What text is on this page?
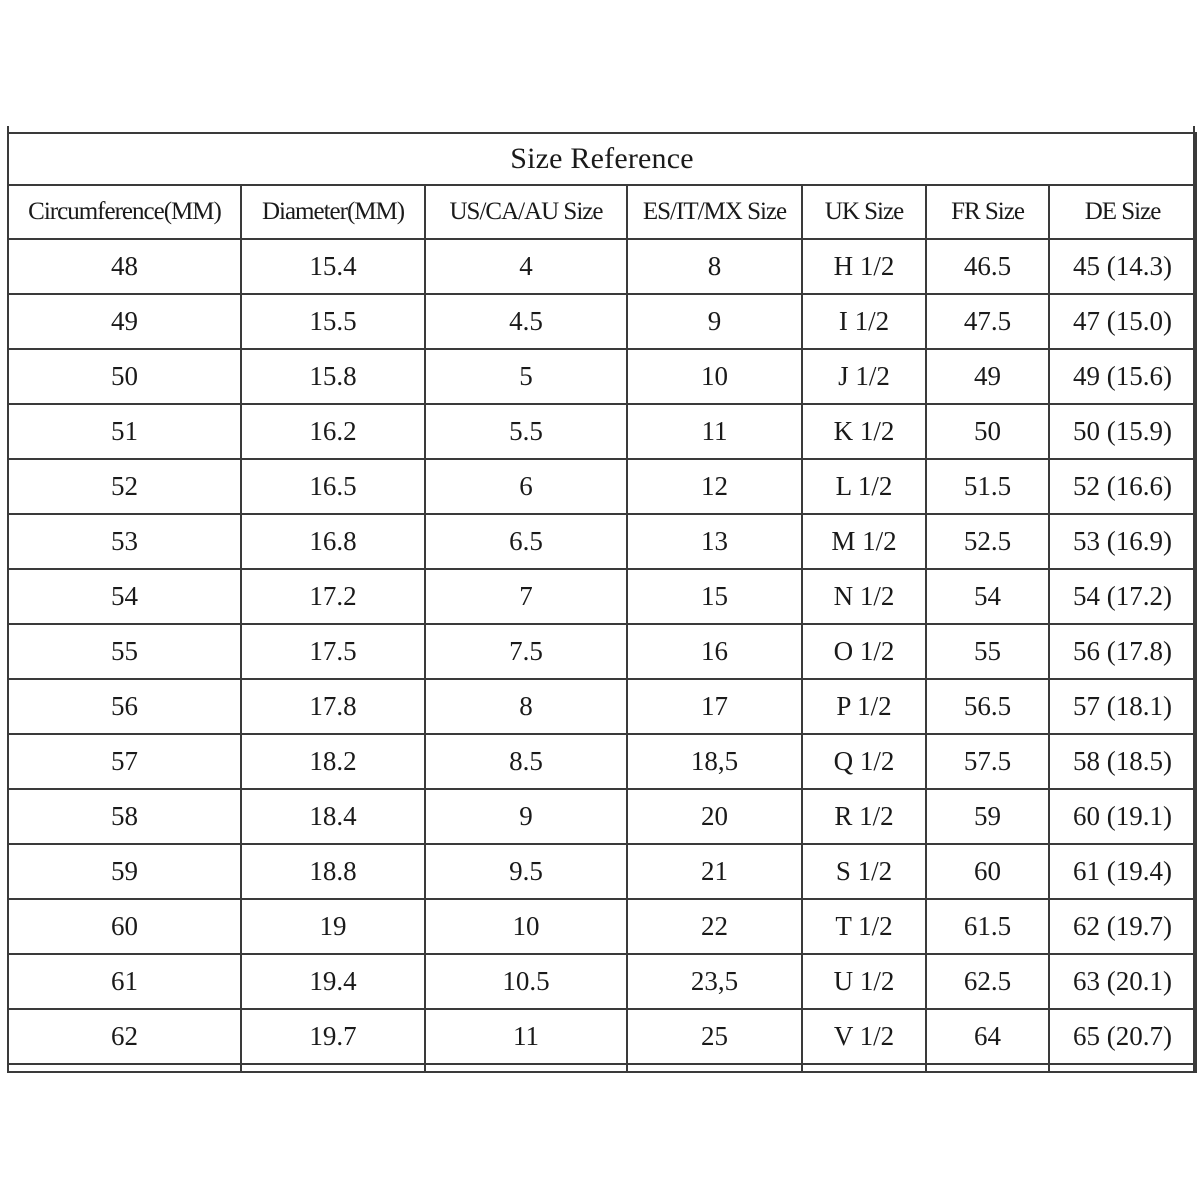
Size Reference						
Circumference(MM)	Diameter(MM)	US/CA/AU Size	ES/IT/MX Size	UK Size	FR Size	DE Size
48	15.4	4	8	H 1/2	46.5	45 (14.3)
49	15.5	4.5	9	I 1/2	47.5	47 (15.0)
50	15.8	5	10	J 1/2	49	49 (15.6)
51	16.2	5.5	11	K 1/2	50	50 (15.9)
52	16.5	6	12	L 1/2	51.5	52 (16.6)
53	16.8	6.5	13	M 1/2	52.5	53 (16.9)
54	17.2	7	15	N 1/2	54	54 (17.2)
55	17.5	7.5	16	O 1/2	55	56 (17.8)
56	17.8	8	17	P 1/2	56.5	57 (18.1)
57	18.2	8.5	18,5	Q 1/2	57.5	58 (18.5)
58	18.4	9	20	R 1/2	59	60 (19.1)
59	18.8	9.5	21	S 1/2	60	61 (19.4)
60	19	10	22	T 1/2	61.5	62 (19.7)
61	19.4	10.5	23,5	U 1/2	62.5	63 (20.1)
62	19.7	11	25	V 1/2	64	65 (20.7)
